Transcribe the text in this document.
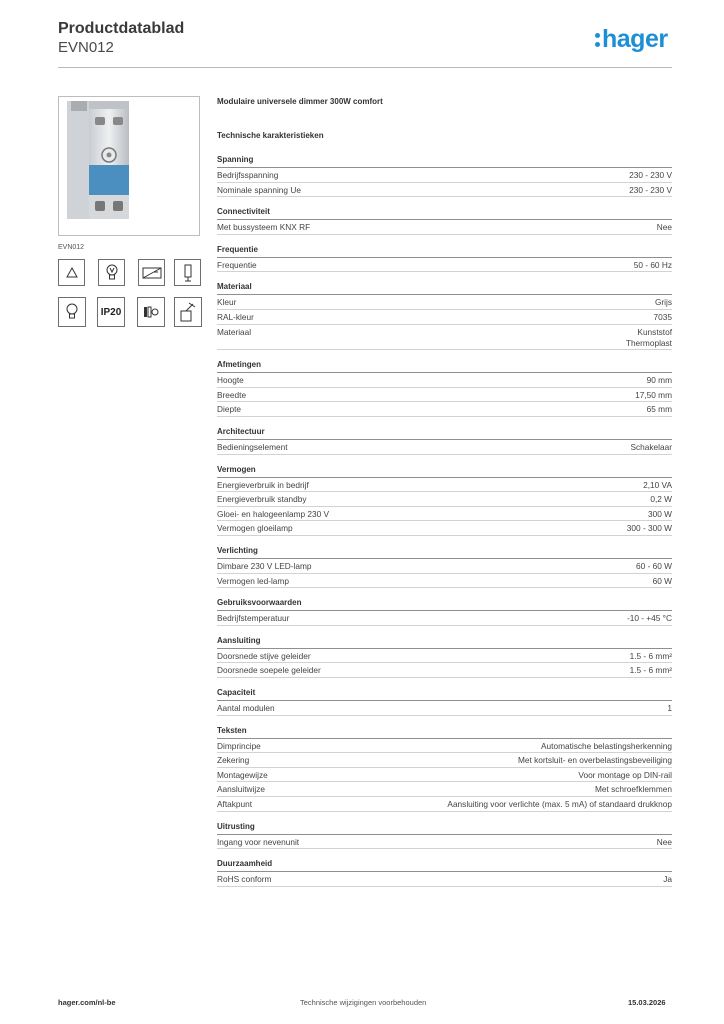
Productdatablad
EVN012	hager
EVN012
IP20
Modulaire universele dimmer 300W comfort
Technische karakteristieken
Spanning
Bedrijfsspanning	230 - 230 V
Nominale spanning Ue	230 - 230 V
Connectiviteit
Met bussysteem KNX RF	Nee
Frequentie
Frequentie	50 - 60 Hz
Materiaal
Kleur	Grijs
RAL-kleur	7035
Materiaal	Kunststof
Thermoplast
Afmetingen
Hoogte	90 mm
Breedte	17,50 mm
Diepte	65 mm
Architectuur
Bedieningselement	Schakelaar
Vermogen
Energieverbruik in bedrijf	2,10 VA
Energieverbruik standby	0,2 W
Gloei- en halogeenlamp 230 V	300 W
Vermogen gloeilamp	300 - 300 W
Verlichting
Dimbare 230 V LED-lamp	60 - 60 W
Vermogen led-lamp	60 W
Gebruiksvoorwaarden
Bedrijfstemperatuur	-10 - +45 °C
Aansluiting
Doorsnede stijve geleider	1.5 - 6 mm²
Doorsnede soepele geleider	1.5 - 6 mm²
Capaciteit
Aantal modulen	1
Teksten
Dimprincipe	Automatische belastingsherkenning
Zekering	Met kortsluit- en overbelastingsbeveiliging
Montagewijze	Voor montage op DIN-rail
Aansluitwijze	Met schroefklemmen
Aftakpunt	Aansluiting voor verlichte (max. 5 mA) of standaard drukknop
Uitrusting
Ingang voor nevenunit	Nee
Duurzaamheid
RoHS conform	Ja
hager.com/nl-be	Technische wijzigingen voorbehouden	15.03.2026
